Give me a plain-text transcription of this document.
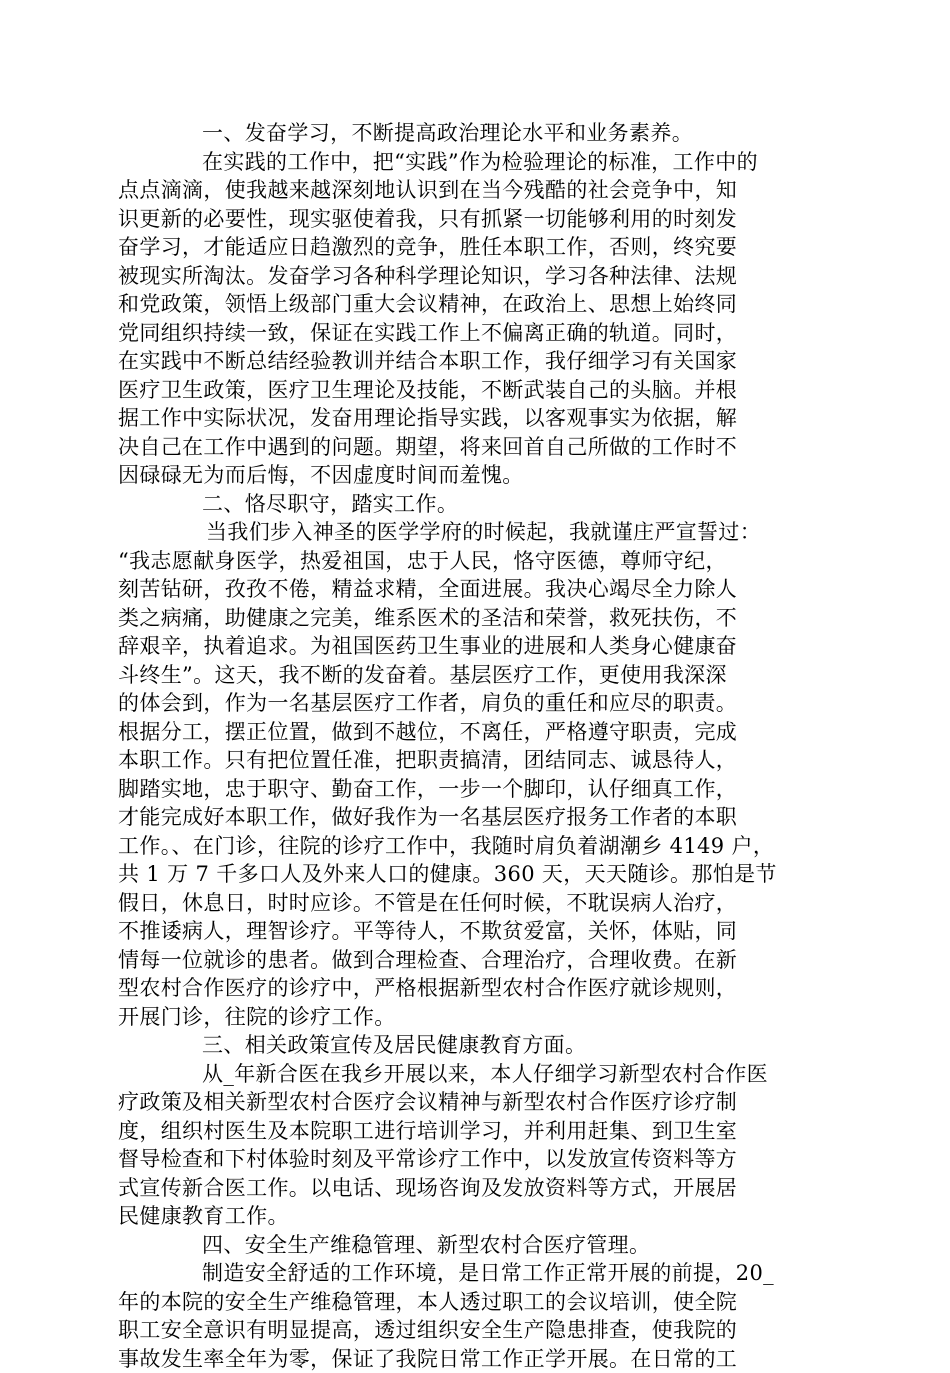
一、发奋学习，不断提高政治理论水平和业务素养。
在实践的工作中，把“实践”作为检验理论的标准，工作中的
点点滴滴，使我越来越深刻地认识到在当今残酷的社会竞争中，知
识更新的必要性，现实驱使着我，只有抓紧一切能够利用的时刻发
奋学习，才能适应日趋激烈的竞争，胜任本职工作，否则，终究要
被现实所淘汰。发奋学习各种科学理论知识，学习各种法律、法规
和党政策，领悟上级部门重大会议精神，在政治上、思想上始终同
党同组织持续一致，保证在实践工作上不偏离正确的轨道。同时，
在实践中不断总结经验教训并结合本职工作，我仔细学习有关国家
医疗卫生政策，医疗卫生理论及技能，不断武装自己的头脑。并根
据工作中实际状况，发奋用理论指导实践，以客观事实为依据，解
决自己在工作中遇到的问题。期望，将来回首自己所做的工作时不
因碌碌无为而后悔，不因虚度时间而羞愧。
二、恪尽职守，踏实工作。
当我们步入神圣的医学学府的时候起，我就谨庄严宣誓过：
“我志愿献身医学，热爱祖国，忠于人民，恪守医德，尊师守纪，
刻苦钻研，孜孜不倦，精益求精，全面进展。我决心竭尽全力除人
类之病痛，助健康之完美，维系医术的圣洁和荣誉，救死扶伤，不
辞艰辛，执着追求。为祖国医药卫生事业的进展和人类身心健康奋
斗终生”。这天，我不断的发奋着。基层医疗工作，更使用我深深
的体会到，作为一名基层医疗工作者，肩负的重任和应尽的职责。
根据分工，摆正位置，做到不越位，不离任，严格遵守职责，完成
本职工作。只有把位置任准，把职责搞清，团结同志、诚恳待人，
脚踏实地，忠于职守、勤奋工作，一步一个脚印，认仔细真工作，
才能完成好本职工作，做好我作为一名基层医疗报务工作者的本职
工作。、在门诊，往院的诊疗工作中，我随时肩负着湖潮乡 4149 户，
共 1 万 7 千多口人及外来人口的健康。360 天，天天随诊。那怕是节
假日，休息日，时时应诊。不管是在任何时候，不耽误病人治疗，
不推诿病人，理智诊疗。平等待人，不欺贫爱富，关怀，体贴，同
情每一位就诊的患者。做到合理检查、合理治疗，合理收费。在新
型农村合作医疗的诊疗中，严格根据新型农村合作医疗就诊规则，
开展门诊，往院的诊疗工作。
三、相关政策宣传及居民健康教育方面。
从_年新合医在我乡开展以来，本人仔细学习新型农村合作医
疗政策及相关新型农村合医疗会议精神与新型农村合作医疗诊疗制
度，组织村医生及本院职工进行培训学习，并利用赶集、到卫生室
督导检查和下村体验时刻及平常诊疗工作中，以发放宣传资料等方
式宣传新合医工作。以电话、现场咨询及发放资料等方式，开展居
民健康教育工作。
四、安全生产维稳管理、新型农村合医疗管理。
制造安全舒适的工作环境，是日常工作正常开展的前提，20_
年的本院的安全生产维稳管理，本人透过职工的会议培训，使全院
职工安全意识有明显提高，透过组织安全生产隐患排查，使我院的
事故发生率全年为零，保证了我院日常工作正学开展。在日常的工
